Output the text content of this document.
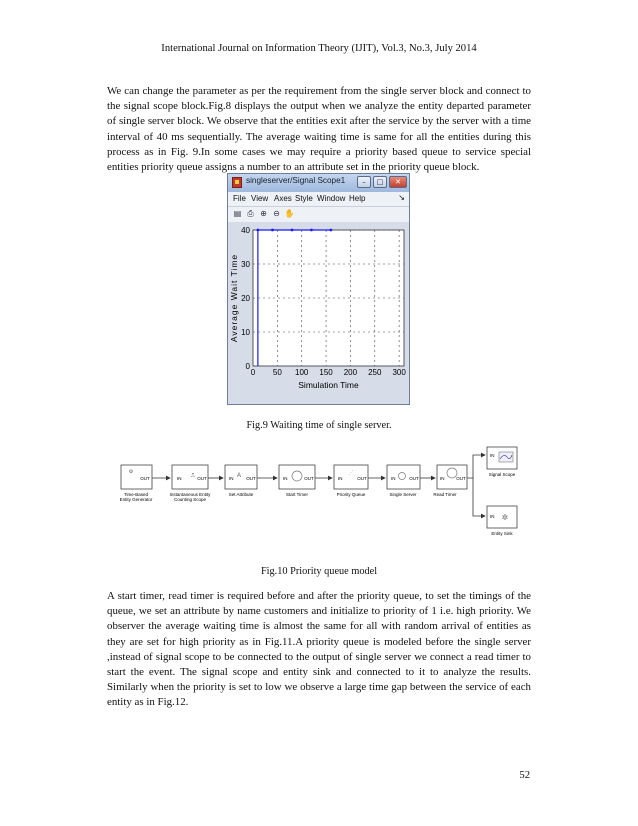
International Journal on Information Theory (IJIT), Vol.3, No.3, July 2014

We can change the parameter as per the requirement from the single server block and connect to the signal scope block.Fig.8 displays the output when we analyze the entity departed parameter of single server block. We observe that the entities exit after the service by the server with a time interval of 40 ms sequentially. The average waiting time is same for all the entities during this process as in Fig. 9.In some cases we may require a priority based queue to service special entities priority queue assigns a number to an attribute set in the priority queue block.

singleserver/Signal Scope1	–	□	✕
File View Axes Style Window Help	↘
▤ ⎙ ⊕ ⊖ ✋
0 50 100 150 200 250 300
0
10
20
30
40
Simulation Time
Average Wait Time
Fig.9 Waiting time of single server.
⚙
OUT
Time-Based
Entity Generator
IN ⎍ OUT
Instantaneous Entity
Counting Scope
IN A OUT
Set Attribute
IN	OUT
Start Timer
IN
⋰
OUT
Priority Queue
IN	OUT
Single Server
IN	OUT
Read Timer
IN
Signal Scope
IN ✲
Entity Sink
Fig.10 Priority queue model

A start timer, read timer is required before and after the priority queue, to set the timings of the queue, we set an attribute by name customers and initialize to priority of 1 i.e. high priority. We observer the average waiting time is almost the same for all with random arrival of entities as they are set for high priority as in Fig.11.A priority queue is modeled before the single server ,instead of signal scope to be connected to the output of single server we connect a read timer to start the event. The signal scope and entity sink and connected to it to analyze the results. Similarly when the priority is set to low we observe a large time gap between the service of each entity as in Fig.12.

52
